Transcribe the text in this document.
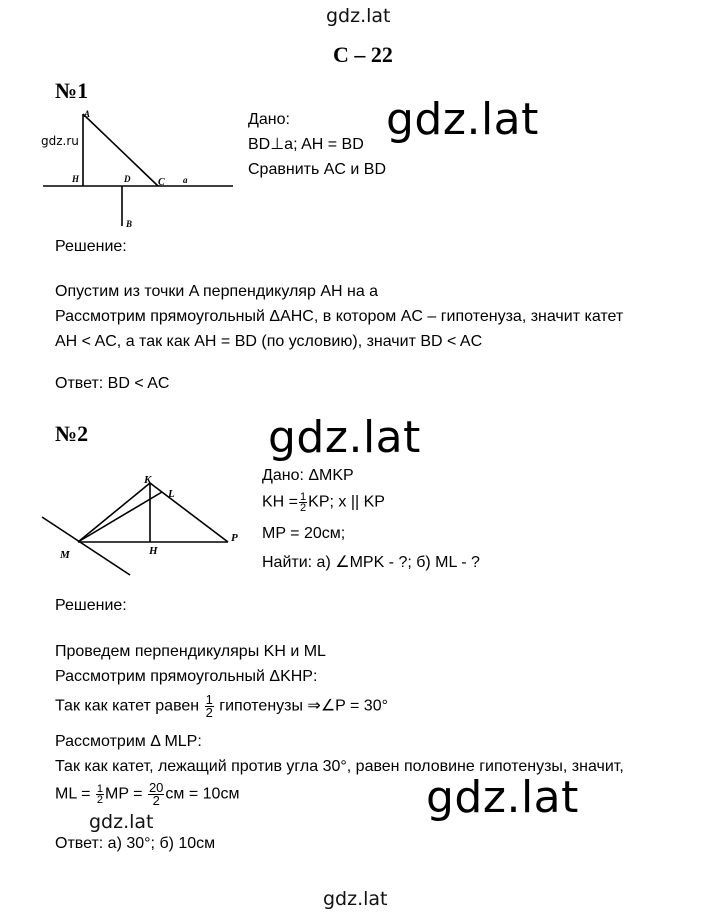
gdz.lat
С – 22
№1
A
H	D	C a
B
gdz.ru
Дано:
BD⊥a; AH = BD
Сравнить AC и BD
gdz.lat
Решение:
Опустим из точки A перпендикуляр AH на a
Рассмотрим прямоугольный ΔAHC, в котором AC – гипотенуза, значит катет
AH < AC, а так как AH = BD (по условию), значит BD < AC
Ответ: BD < AC
№2	gdz.lat
K
L
M	H
P
Дано: ΔMKP
KH = $\frac{1}{2}$ KP; x || KP
MP = 20см;
Найти: а) ∠MPK - ?; б) ML - ?
Решение:
Проведем перпендикуляры KH и ML
Рассмотрим прямоугольный ΔKHP:
Так как катет равен $\frac{1}{2}$ гипотенузы ⇒∠P = 30°
Рассмотрим Δ MLP:
Так как катет, лежащий против угла 30°, равен половине гипотенузы, значит,
ML = $\frac{1}{2}$ MP = $\frac{20}{2}$ см = 10см	gdz.lat
gdz.lat
Ответ: а) 30°; б) 10см
gdz.lat
